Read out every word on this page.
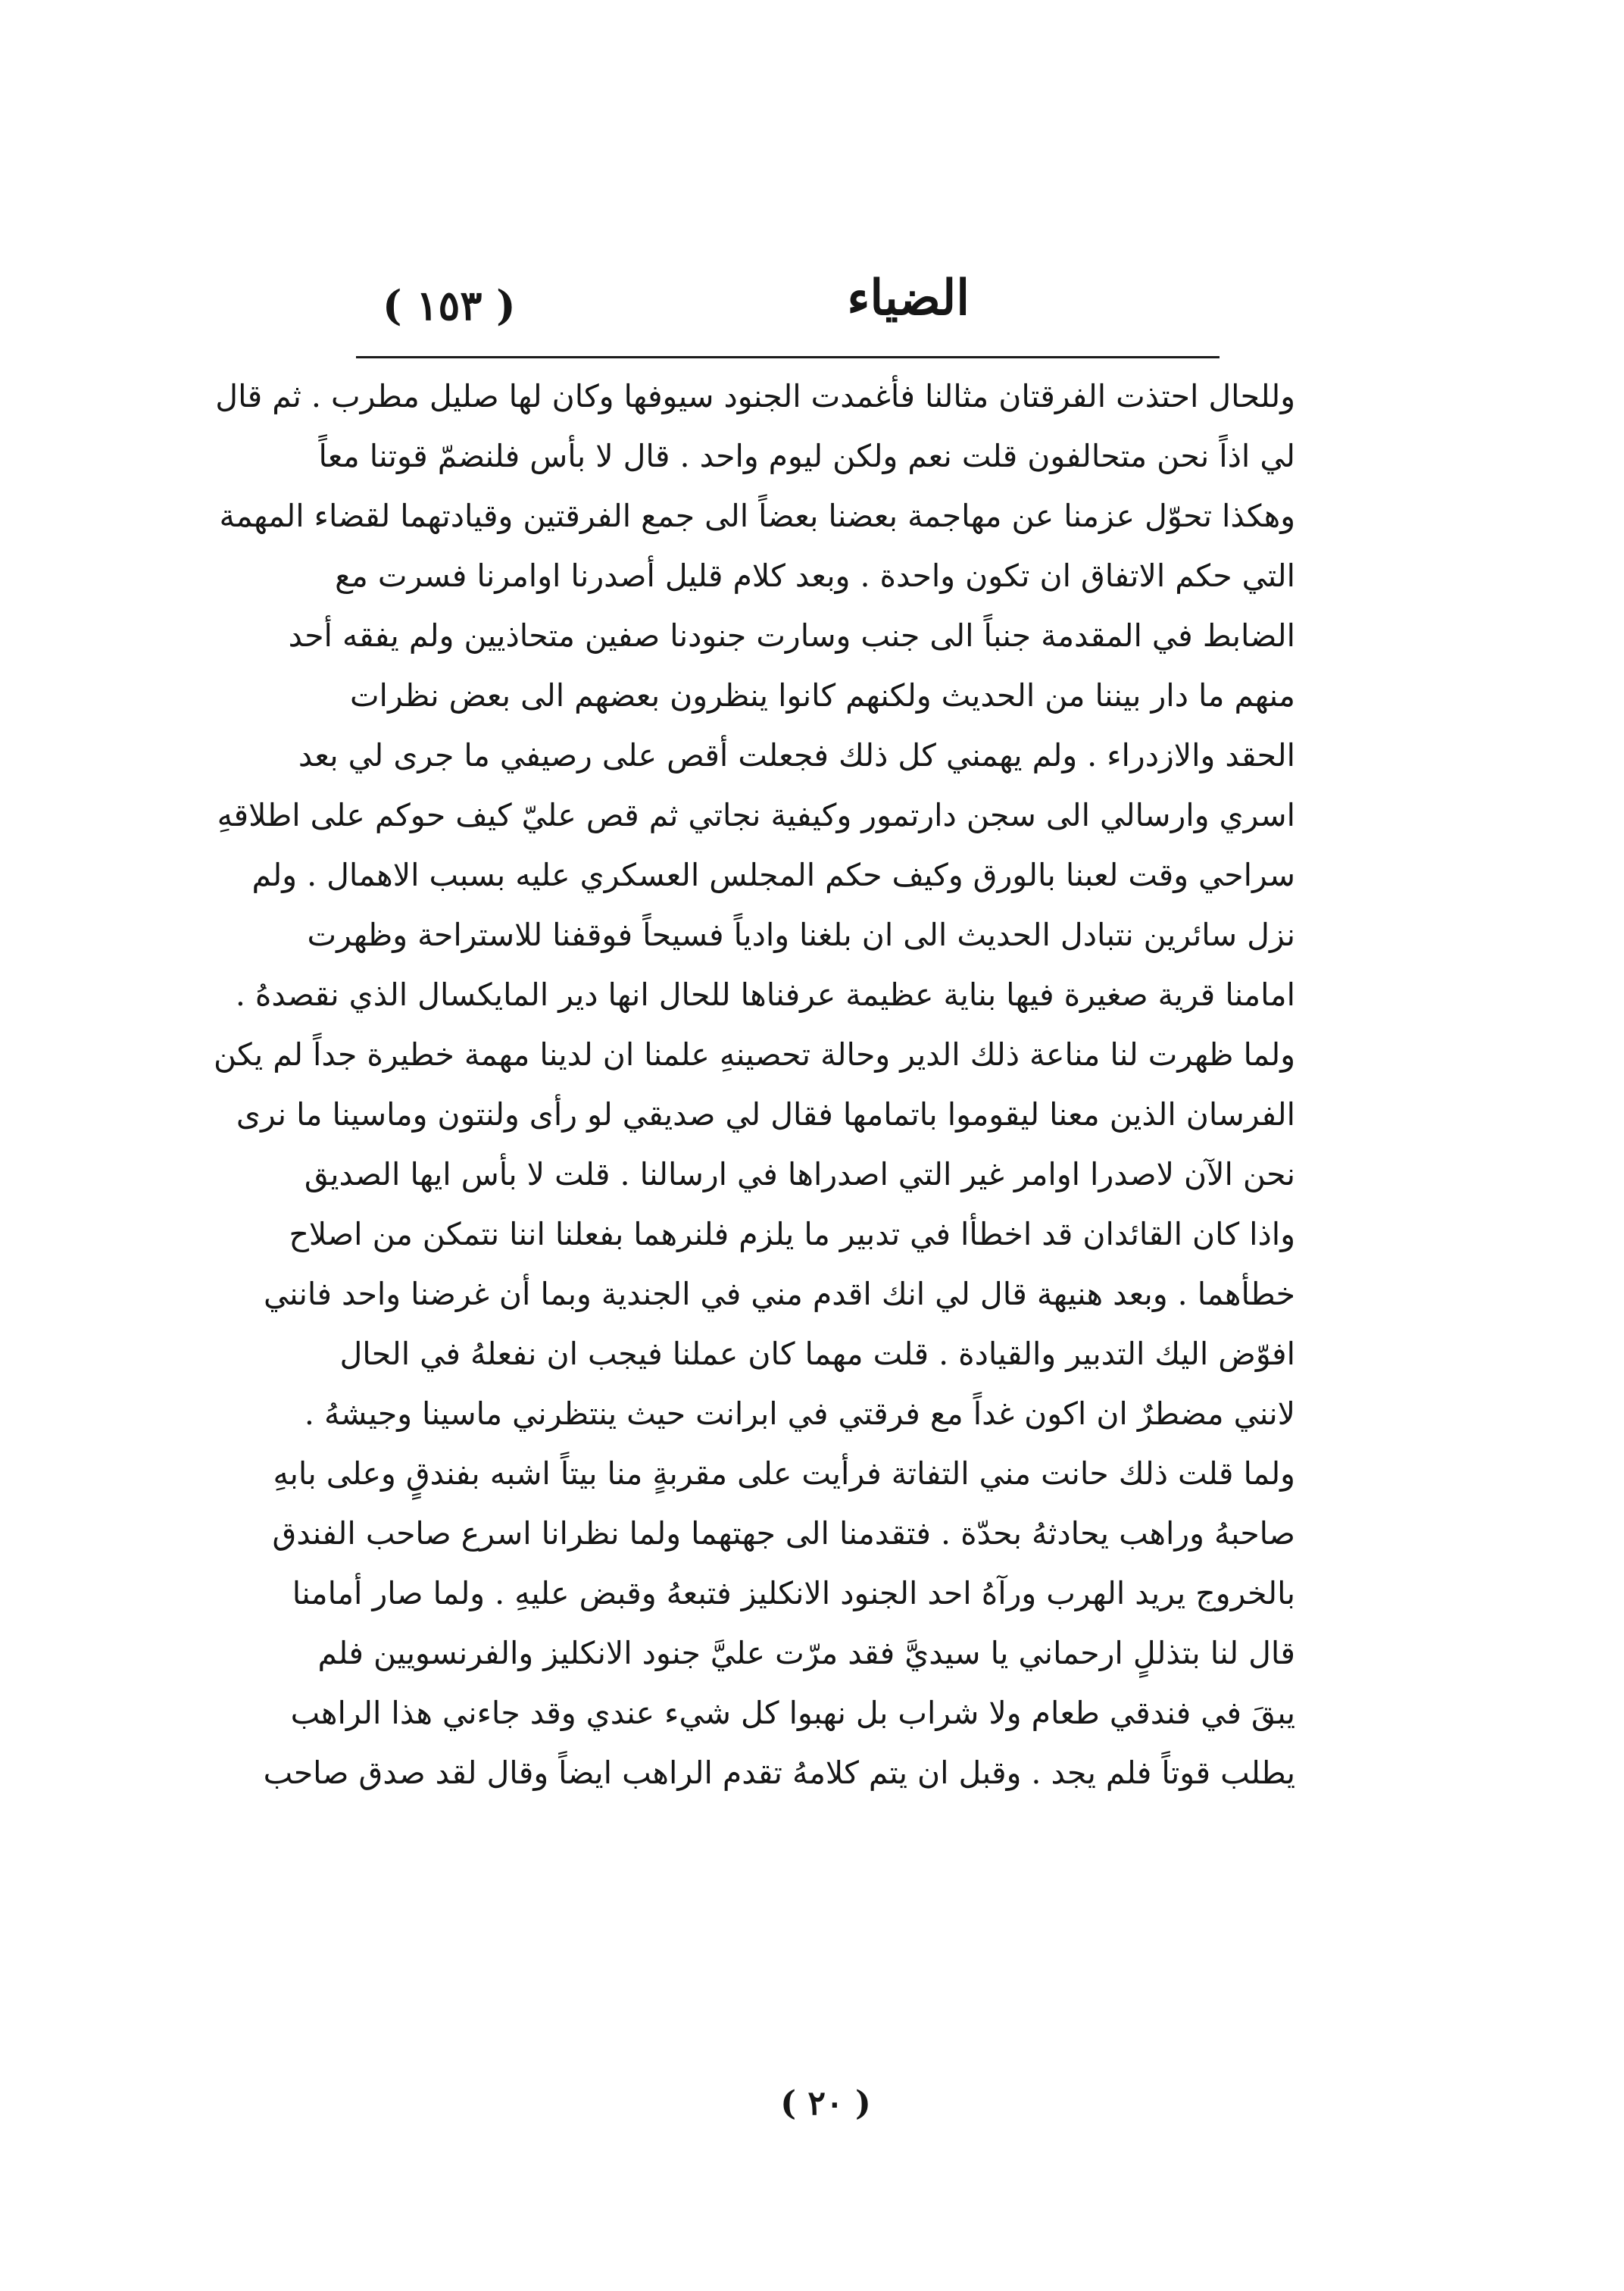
الضياء
( ١٥٣ )
وللحال احتذت الفرقتان مثالنا فأغمدت الجنود سيوفها وكان لها صليل مطرب . ثم قال
لي اذاً نحن متحالفون قلت نعم ولكن ليوم واحد . قال لا بأس فلنضمّ قوتنا معاً
وهكذا تحوّل عزمنا عن مهاجمة بعضنا بعضاً الى جمع الفرقتين وقيادتهما لقضاء المهمة
التي حكم الاتفاق ان تكون واحدة . وبعد كلام قليل أصدرنا اوامرنا فسرت مع
الضابط في المقدمة جنباً الى جنب وسارت جنودنا صفين متحاذيين ولم يفقه أحد
منهم ما دار بيننا من الحديث ولكنهم كانوا ينظرون بعضهم الى بعض نظرات
الحقد والازدراء . ولم يهمني كل ذلك فجعلت أقص على رصيفي ما جرى لي بعد
اسري وارسالي الى سجن دارتمور وكيفية نجاتي ثم قص عليّ كيف حوكم على اطلاقهِ
سراحي وقت لعبنا بالورق وكيف حكم المجلس العسكري عليه بسبب الاهمال . ولم
نزل سائرين نتبادل الحديث الى ان بلغنا وادياً فسيحاً فوقفنا للاستراحة وظهرت
امامنا قرية صغيرة فيها بناية عظيمة عرفناها للحال انها دير المايكسال الذي نقصدهُ .
ولما ظهرت لنا مناعة ذلك الدير وحالة تحصينهِ علمنا ان لدينا مهمة خطيرة جداً لم يكن
الفرسان الذين معنا ليقوموا باتمامها فقال لي صديقي لو رأى ولنتون وماسينا ما نرى
نحن الآن لاصدرا اوامر غير التي اصدراها في ارسالنا . قلت لا بأس ايها الصديق
واذا كان القائدان قد اخطأا في تدبير ما يلزم فلنرهما بفعلنا اننا نتمكن من اصلاح
خطأهما . وبعد هنيهة قال لي انك اقدم مني في الجندية وبما أن غرضنا واحد فانني
افوّض اليك التدبير والقيادة . قلت مهما كان عملنا فيجب ان نفعلهُ في الحال
لانني مضطرٌ ان اكون غداً مع فرقتي في ابرانت حيث ينتظرني ماسينا وجيشهُ .
ولما قلت ذلك حانت مني التفاتة فرأيت على مقربةٍ منا بيتاً اشبه بفندقٍ وعلى بابهِ
صاحبهُ وراهب يحادثهُ بحدّة . فتقدمنا الى جهتهما ولما نظرانا اسرع صاحب الفندق
بالخروج يريد الهرب ورآهُ احد الجنود الانكليز فتبعهُ وقبض عليهِ . ولما صار أمامنا
قال لنا بتذللٍ ارحماني يا سيديَّ فقد مرّت عليَّ جنود الانكليز والفرنسويين فلم
يبقَ في فندقي طعام ولا شراب بل نهبوا كل شيء عندي وقد جاءني هذا الراهب
يطلب قوتاً فلم يجد . وقبل ان يتم كلامهُ تقدم الراهب ايضاً وقال لقد صدق صاحب
( ٢٠ )
